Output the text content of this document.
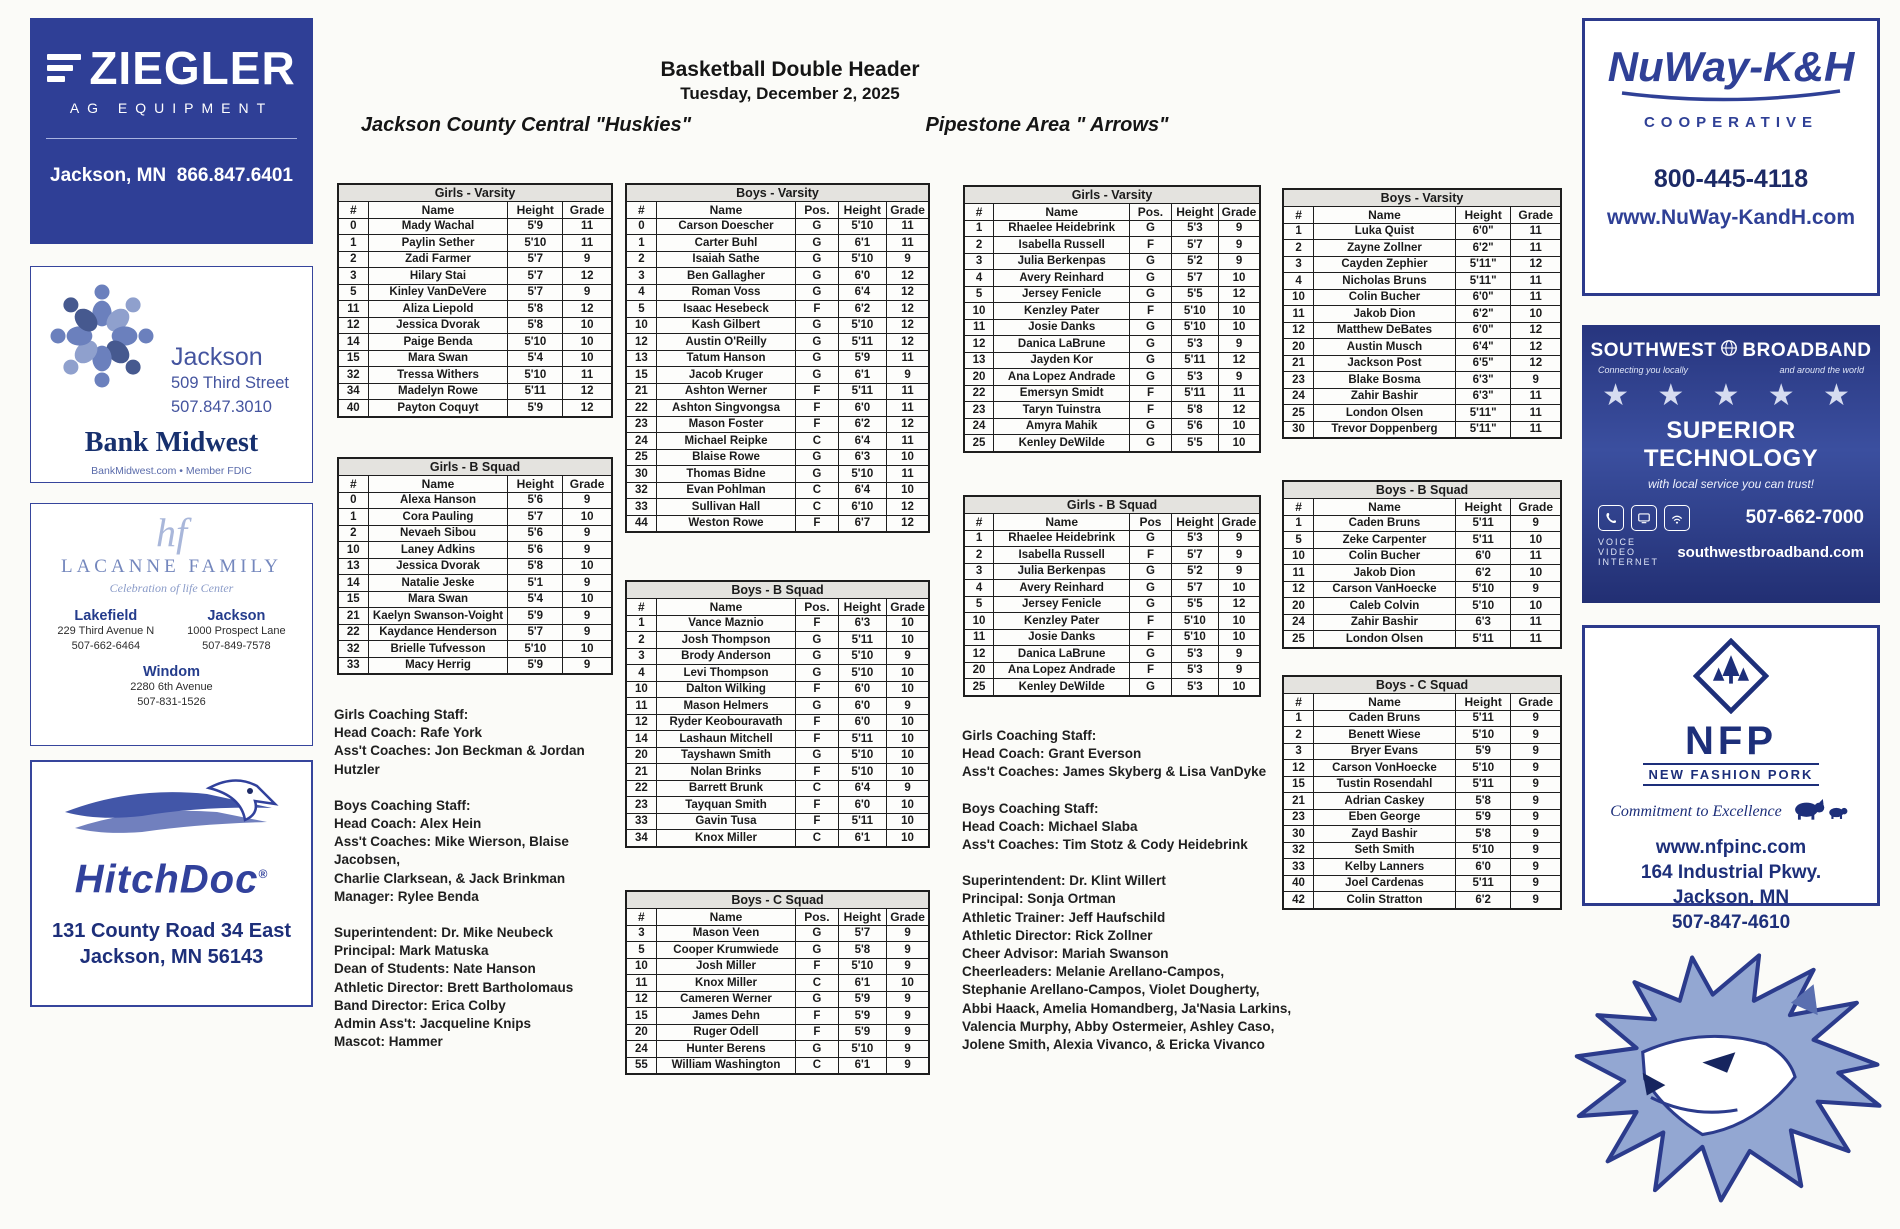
Basketball Double Header
Tuesday, December 2, 2025
Jackson County Central "Huskies"	Pipestone Area " Arrows"
Girls - Varsity			
#	Name	Height	Grade
0	Mady Wachal	5'9	11
1	Paylin Sether	5'10	11
2	Zadi Farmer	5'7	9
3	Hilary Stai	5'7	12
5	Kinley VanDeVere	5'7	9
11	Aliza Liepold	5'8	12
12	Jessica Dvorak	5'8	10
14	Paige Benda	5'10	10
15	Mara Swan	5'4	10
32	Tressa Withers	5'10	11
34	Madelyn Rowe	5'11	12
40	Payton Coquyt	5'9	12
Girls - B Squad			
#	Name	Height	Grade
0	Alexa Hanson	5'6	9
1	Cora Pauling	5'7	10
2	Nevaeh Sibou	5'6	9
10	Laney Adkins	5'6	9
13	Jessica Dvorak	5'8	10
14	Natalie Jeske	5'1	9
15	Mara Swan	5'4	10
21	Kaelyn Swanson-Voight	5'9	9
22	Kaydance Henderson	5'7	9
32	Brielle Tufvesson	5'10	10
33	Macy Herrig	5'9	9
Boys - Varsity				
#	Name	Pos.	Height	Grade
0	Carson Doescher	G	5'10	11
1	Carter Buhl	G	6'1	11
2	Isaiah Sathe	G	5'10	9
3	Ben Gallagher	G	6'0	12
4	Roman Voss	G	6'4	12
5	Isaac Hesebeck	F	6'2	12
10	Kash Gilbert	G	5'10	12
12	Austin O'Reilly	G	5'11	12
13	Tatum Hanson	G	5'9	11
15	Jacob Kruger	G	6'1	9
21	Ashton Werner	F	5'11	11
22	Ashton Singvongsa	F	6'0	11
23	Mason Foster	F	6'2	12
24	Michael Reipke	C	6'4	11
25	Blaise Rowe	G	6'3	10
30	Thomas Bidne	G	5'10	11
32	Evan Pohlman	C	6'4	10
33	Sullivan Hall	C	6'10	12
44	Weston Rowe	F	6'7	12
Boys - B Squad				
#	Name	Pos.	Height	Grade
1	Vance Maznio	F	6'3	10
2	Josh Thompson	G	5'11	10
3	Brody Anderson	G	5'10	9
4	Levi Thompson	G	5'10	10
10	Dalton Wilking	F	6'0	10
11	Mason Helmers	G	6'0	9
12	Ryder Keobouravath	F	6'0	10
14	Lashaun Mitchell	F	5'11	10
20	Tayshawn Smith	G	5'10	10
21	Nolan Brinks	F	5'10	10
22	Barrett Brunk	C	6'4	9
23	Tayquan Smith	F	6'0	10
33	Gavin Tusa	F	5'11	10
34	Knox Miller	C	6'1	10
Boys - C Squad				
#	Name	Pos.	Height	Grade
3	Mason Veen	G	5'7	9
5	Cooper Krumwiede	G	5'8	9
10	Josh Miller	F	5'10	9
11	Knox Miller	C	6'1	10
12	Cameren Werner	G	5'9	9
15	James Dehn	F	5'9	9
20	Ruger Odell	F	5'9	9
24	Hunter Berens	G	5'10	9
55	William Washington	C	6'1	9
Girls Coaching Staff:
Head Coach: Rafe York
Ass't Coaches: Jon Beckman & Jordan Hutzler
Boys Coaching Staff:
Head Coach: Alex Hein
Ass't Coaches: Mike Wierson, Blaise Jacobsen,
Charlie Clarksean, & Jack Brinkman
Manager: Rylee Benda
Superintendent: Dr. Mike Neubeck
Principal: Mark Matuska
Dean of Students: Nate Hanson
Athletic Director: Brett Bartholomaus
Band Director: Erica Colby
Admin Ass't: Jacqueline Knips
Mascot: Hammer
Girls - Varsity				
#	Name	Pos.	Height	Grade
1	Rhaelee Heidebrink	G	5'3	9
2	Isabella Russell	F	5'7	9
3	Julia Berkenpas	G	5'2	9
4	Avery Reinhard	G	5'7	10
5	Jersey Fenicle	G	5'5	12
10	Kenzley Pater	F	5'10	10
11	Josie Danks	G	5'10	10
12	Danica LaBrune	G	5'3	9
13	Jayden Kor	G	5'11	12
20	Ana Lopez Andrade	G	5'3	9
22	Emersyn Smidt	F	5'11	11
23	Taryn Tuinstra	F	5'8	12
24	Amyra Mahik	G	5'6	10
25	Kenley DeWilde	G	5'5	10
Girls - B Squad				
#	Name	Pos	Height	Grade
1	Rhaelee Heidebrink	G	5'3	9
2	Isabella Russell	F	5'7	9
3	Julia Berkenpas	G	5'2	9
4	Avery Reinhard	G	5'7	10
5	Jersey Fenicle	G	5'5	12
10	Kenzley Pater	F	5'10	10
11	Josie Danks	F	5'10	10
12	Danica LaBrune	G	5'3	9
20	Ana Lopez Andrade	F	5'3	9
25	Kenley DeWilde	G	5'3	10
Boys - Varsity			
#	Name	Height	Grade
1	Luka Quist	6'0"	11
2	Zayne Zollner	6'2"	11
3	Cayden Zephier	5'11"	12
4	Nicholas Bruns	5'11"	11
10	Colin Bucher	6'0"	11
11	Jakob Dion	6'2"	10
12	Matthew DeBates	6'0"	12
20	Austin Musch	6'4"	12
21	Jackson Post	6'5"	12
23	Blake Bosma	6'3"	9
24	Zahir Bashir	6'3"	11
25	London Olsen	5'11"	11
30	Trevor Doppenberg	5'11"	11
Boys - B Squad			
#	Name	Height	Grade
1	Caden Bruns	5'11	9
5	Zeke Carpenter	5'11	10
10	Colin Bucher	6'0	11
11	Jakob Dion	6'2	10
12	Carson VanHoecke	5'10	9
20	Caleb Colvin	5'10	10
24	Zahir Bashir	6'3	11
25	London Olsen	5'11	11
Boys - C Squad			
#	Name	Height	Grade
1	Caden Bruns	5'11	9
2	Benett Wiese	5'10	9
3	Bryer Evans	5'9	9
12	Carson VonHoecke	5'10	9
15	Tustin Rosendahl	5'11	9
21	Adrian Caskey	5'8	9
23	Eben George	5'9	9
30	Zayd Bashir	5'8	9
32	Seth Smith	5'10	9
33	Kelby Lanners	6'0	9
40	Joel Cardenas	5'11	9
42	Colin Stratton	6'2	9
Girls Coaching Staff:
Head Coach: Grant Everson
Ass't Coaches: James Skyberg & Lisa VanDyke
Boys Coaching Staff:
Head Coach: Michael Slaba
Ass't Coaches: Tim Stotz & Cody Heidebrink
Superintendent: Dr. Klint Willert
Principal: Sonja Ortman
Athletic Trainer: Jeff Haufschild
Athletic Director: Rick Zollner
Cheer Advisor: Mariah Swanson
Cheerleaders: Melanie Arellano-Campos,
Stephanie Arellano-Campos, Violet Dougherty,
Abbi Haack, Amelia Homandberg, Ja'Nasia Larkins,
Valencia Murphy, Abby Ostermeier, Ashley Caso,
Jolene Smith, Alexia Vivanco, & Ericka Vivanco
ZIEGLER
AG EQUIPMENT
Jackson, MN 866.847.6401
Jackson
509 Third Street
507.847.3010
Bank Midwest
BankMidwest.com • Member FDIC
hf
LACANNE FAMILY
Celebration of life Center
Lakefield
229 Third Avenue N
507-662-6464
Jackson
1000 Prospect Lane
507-849-7578
Windom
2280 6th Avenue
507-831-1526
HitchDoc®
131 County Road 34 East
Jackson, MN 56143
NuWay-K&H
COOPERATIVE
800-445-4118
www.NuWay-KandH.com
SOUTHWEST BROADBAND
Connecting you locally	and around the world
★ ★ ★ ★ ★
SUPERIOR TECHNOLOGY
with local service you can trust!
507-662-7000
VOICE VIDEO INTERNET
southwestbroadband.com
NFP
NEW FASHION PORK
Commitment to Excellence
www.nfpinc.com
164 Industrial Pkwy.
Jackson, MN
507-847-4610
